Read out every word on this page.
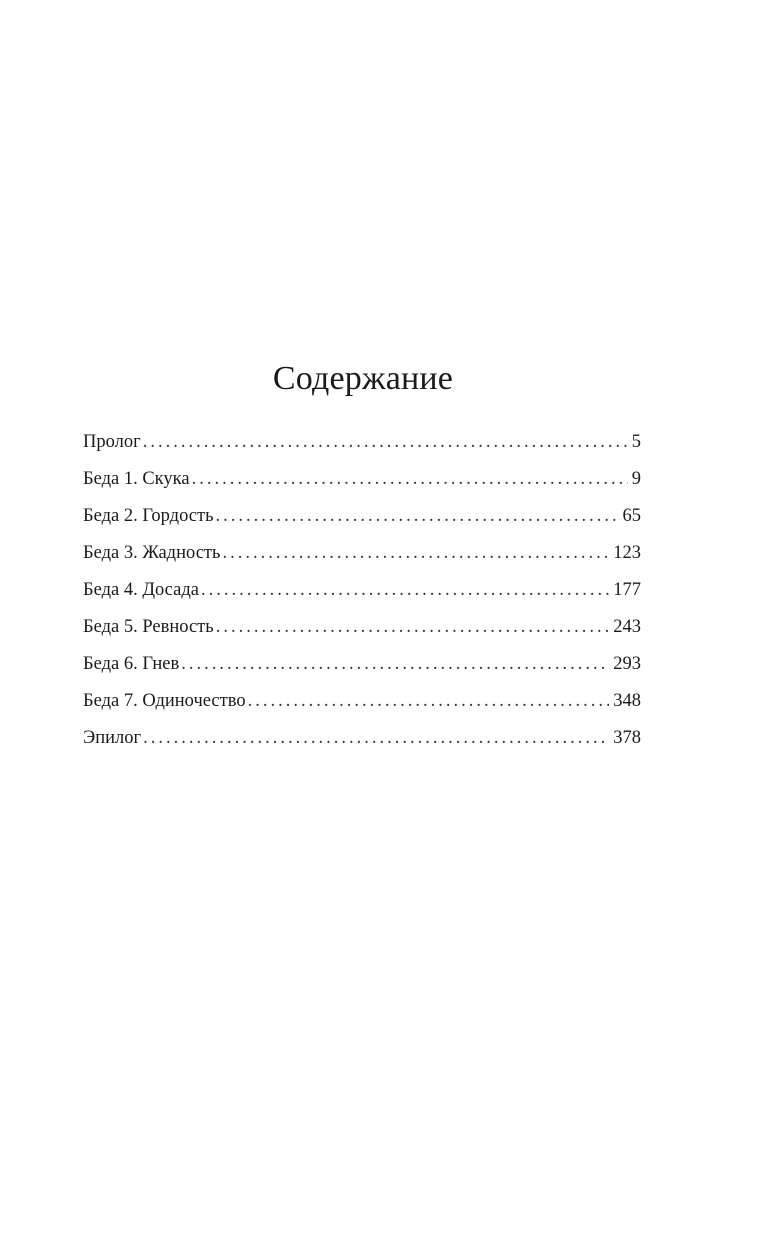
Содержание
Пролог .....	5
Беда 1. Скука .....	9
Беда 2. Гордость .....	65
Беда 3. Жадность .....	123
Беда 4. Досада .....	177
Беда 5. Ревность .....	243
Беда 6. Гнев .....	293
Беда 7. Одиночество .....	348
Эпилог .....	378
